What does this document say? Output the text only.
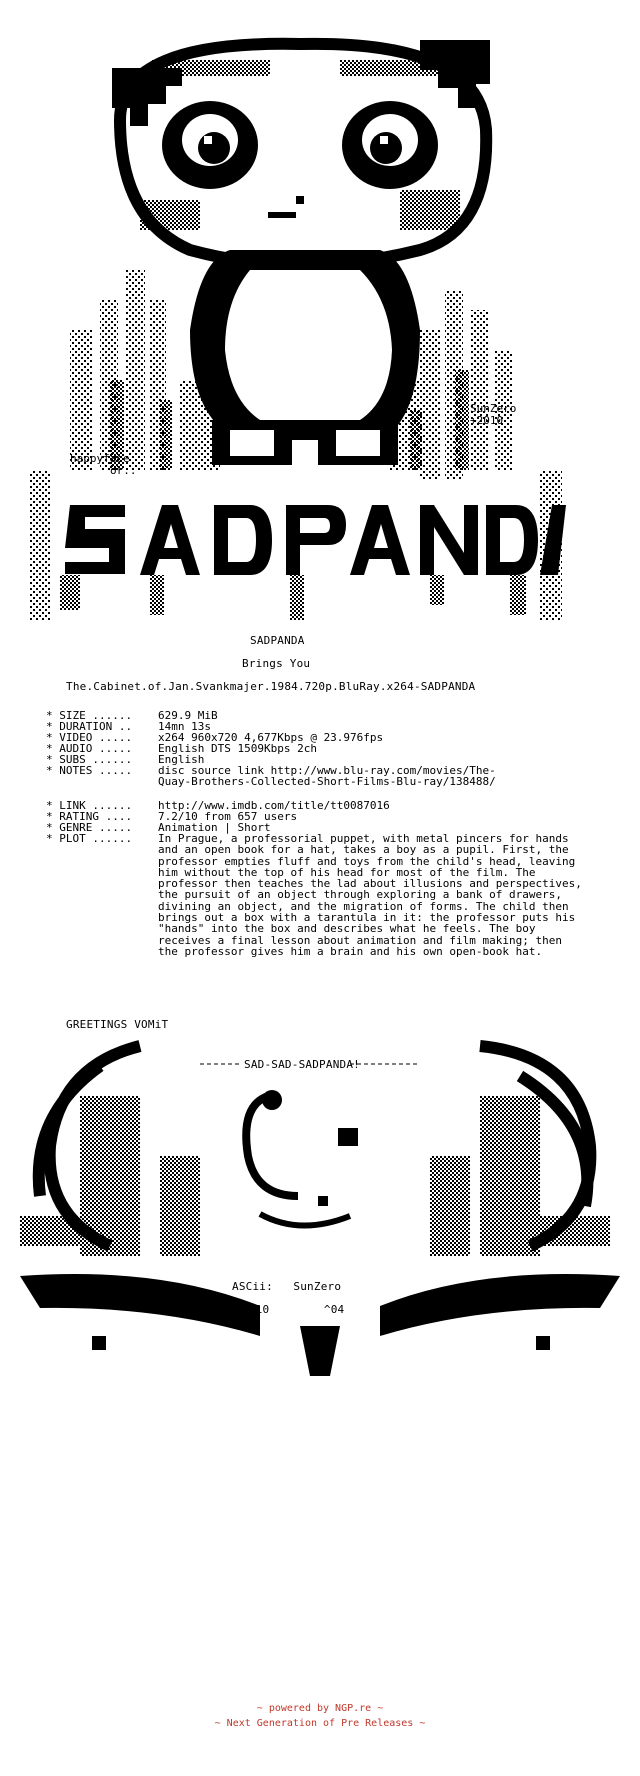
SunZero +2010
happyface or..
SADPANDA
Brings You
The.Cabinet.of.Jan.Svankmajer.1984.720p.BluRay.x264-SADPANDA
* SIZE ...... 629.9 MiB
* DURATION .. 14mn 13s
* VIDEO ..... x264 960x720 4,677Kbps @ 23.976fps
* AUDIO ..... English DTS 1509Kbps 2ch
* SUBS ...... English
* NOTES ..... disc source link http://www.blu-ray.com/movies/The-
Quay-Brothers-Collected-Short-Films-Blu-ray/138488/
* LINK ...... http://www.imdb.com/title/tt0087016
* RATING .... 7.2/10 from 657 users
* GENRE ..... Animation | Short
* PLOT ......	In Prague, a professorial puppet, with metal pincers for hands and an open book for a hat, takes a boy as a pupil. First, the professor empties fluff and toys from the child's head, leaving him without the top of his head for most of the film. The professor then teaches the lad about illusions and perspectives, the pursuit of an object through exploring a bank of drawers, divining an object, and the migration of forms. The child then brings out a box with a tarantula in it: the professor puts his "hands" into the box and describes what he feels. The boy receives a final lesson about animation and film making; then the professor gives him a brain and his own open-book hat.
GREETINGS VOMiT
SAD-SAD-SADPANDA!
ASCii:   SunZero
2010        ^04
~ powered by NGP.re ~
~ Next Generation of Pre Releases ~
